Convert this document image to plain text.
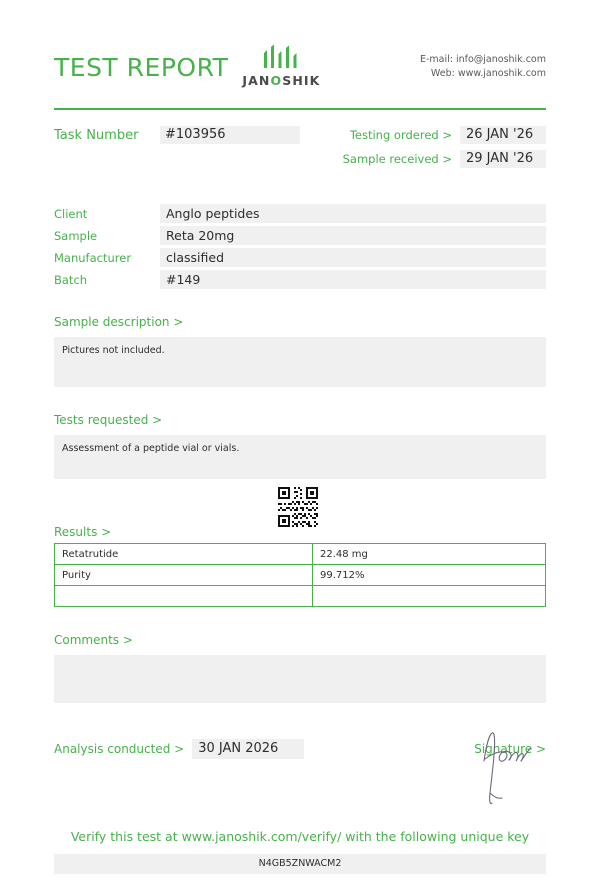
TEST REPORT JANOSHIK
E-mail: info@janoshik.com
Web: www.janoshik.com
Task Number	#103956	Testing ordered >	26 JAN '26
Sample received >	29 JAN '26
Client	Anglo peptides
Sample	Reta 20mg
Manufacturer	classified
Batch	#149
Sample description >
Pictures not included.
Tests requested >
Assessment of a peptide vial or vials.
Results >
Retatrutide	22.48 mg
Purity	99.712%

Comments >
Analysis conducted >	30 JAN 2026	Signature >
Verify this test at www.janoshik.com/verify/ with the following unique key
N4GB5ZNWACM2
